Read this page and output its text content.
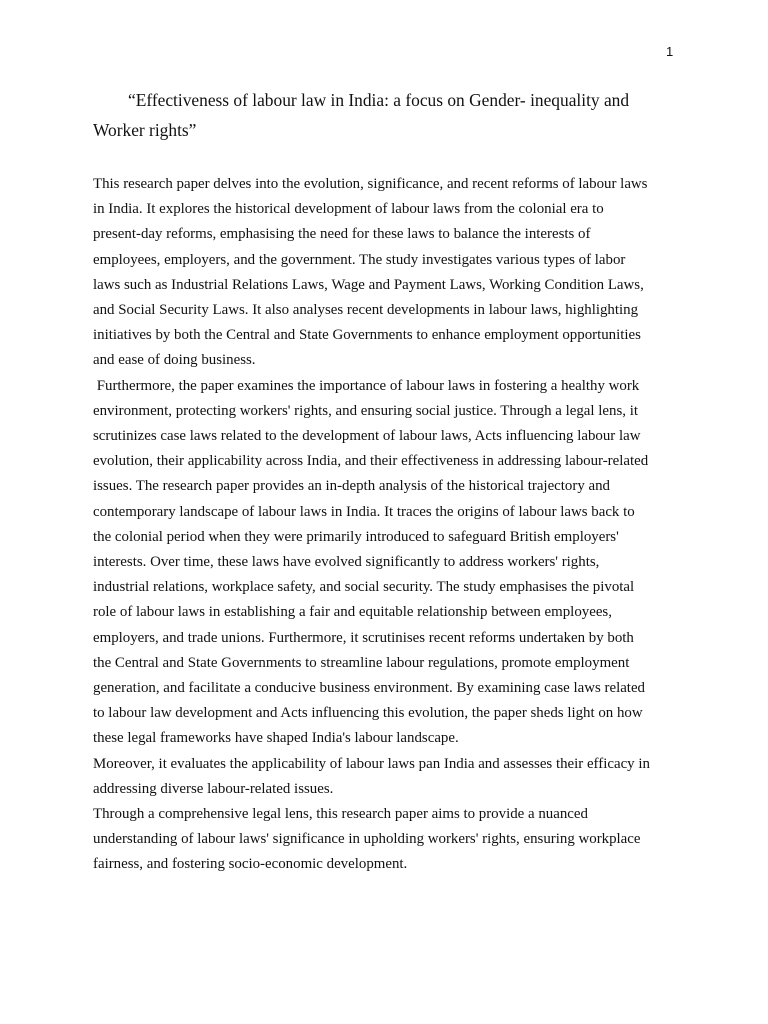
1
“Effectiveness of labour law in India: a focus on Gender- inequality and
Worker rights”
This research paper delves into the evolution, significance, and recent reforms of labour laws
in India. It explores the historical development of labour laws from the colonial era to
present-day reforms, emphasising the need for these laws to balance the interests of
employees, employers, and the government. The study investigates various types of labor
laws such as Industrial Relations Laws, Wage and Payment Laws, Working Condition Laws,
and Social Security Laws. It also analyses recent developments in labour laws, highlighting
initiatives by both the Central and State Governments to enhance employment opportunities
and ease of doing business.
Furthermore, the paper examines the importance of labour laws in fostering a healthy work
environment, protecting workers' rights, and ensuring social justice. Through a legal lens, it
scrutinizes case laws related to the development of labour laws, Acts influencing labour law
evolution, their applicability across India, and their effectiveness in addressing labour-related
issues. The research paper provides an in-depth analysis of the historical trajectory and
contemporary landscape of labour laws in India. It traces the origins of labour laws back to
the colonial period when they were primarily introduced to safeguard British employers'
interests. Over time, these laws have evolved significantly to address workers' rights,
industrial relations, workplace safety, and social security. The study emphasises the pivotal
role of labour laws in establishing a fair and equitable relationship between employees,
employers, and trade unions. Furthermore, it scrutinises recent reforms undertaken by both
the Central and State Governments to streamline labour regulations, promote employment
generation, and facilitate a conducive business environment. By examining case laws related
to labour law development and Acts influencing this evolution, the paper sheds light on how
these legal frameworks have shaped India's labour landscape.
Moreover, it evaluates the applicability of labour laws pan India and assesses their efficacy in
addressing diverse labour-related issues.
Through a comprehensive legal lens, this research paper aims to provide a nuanced
understanding of labour laws' significance in upholding workers' rights, ensuring workplace
fairness, and fostering socio-economic development.
